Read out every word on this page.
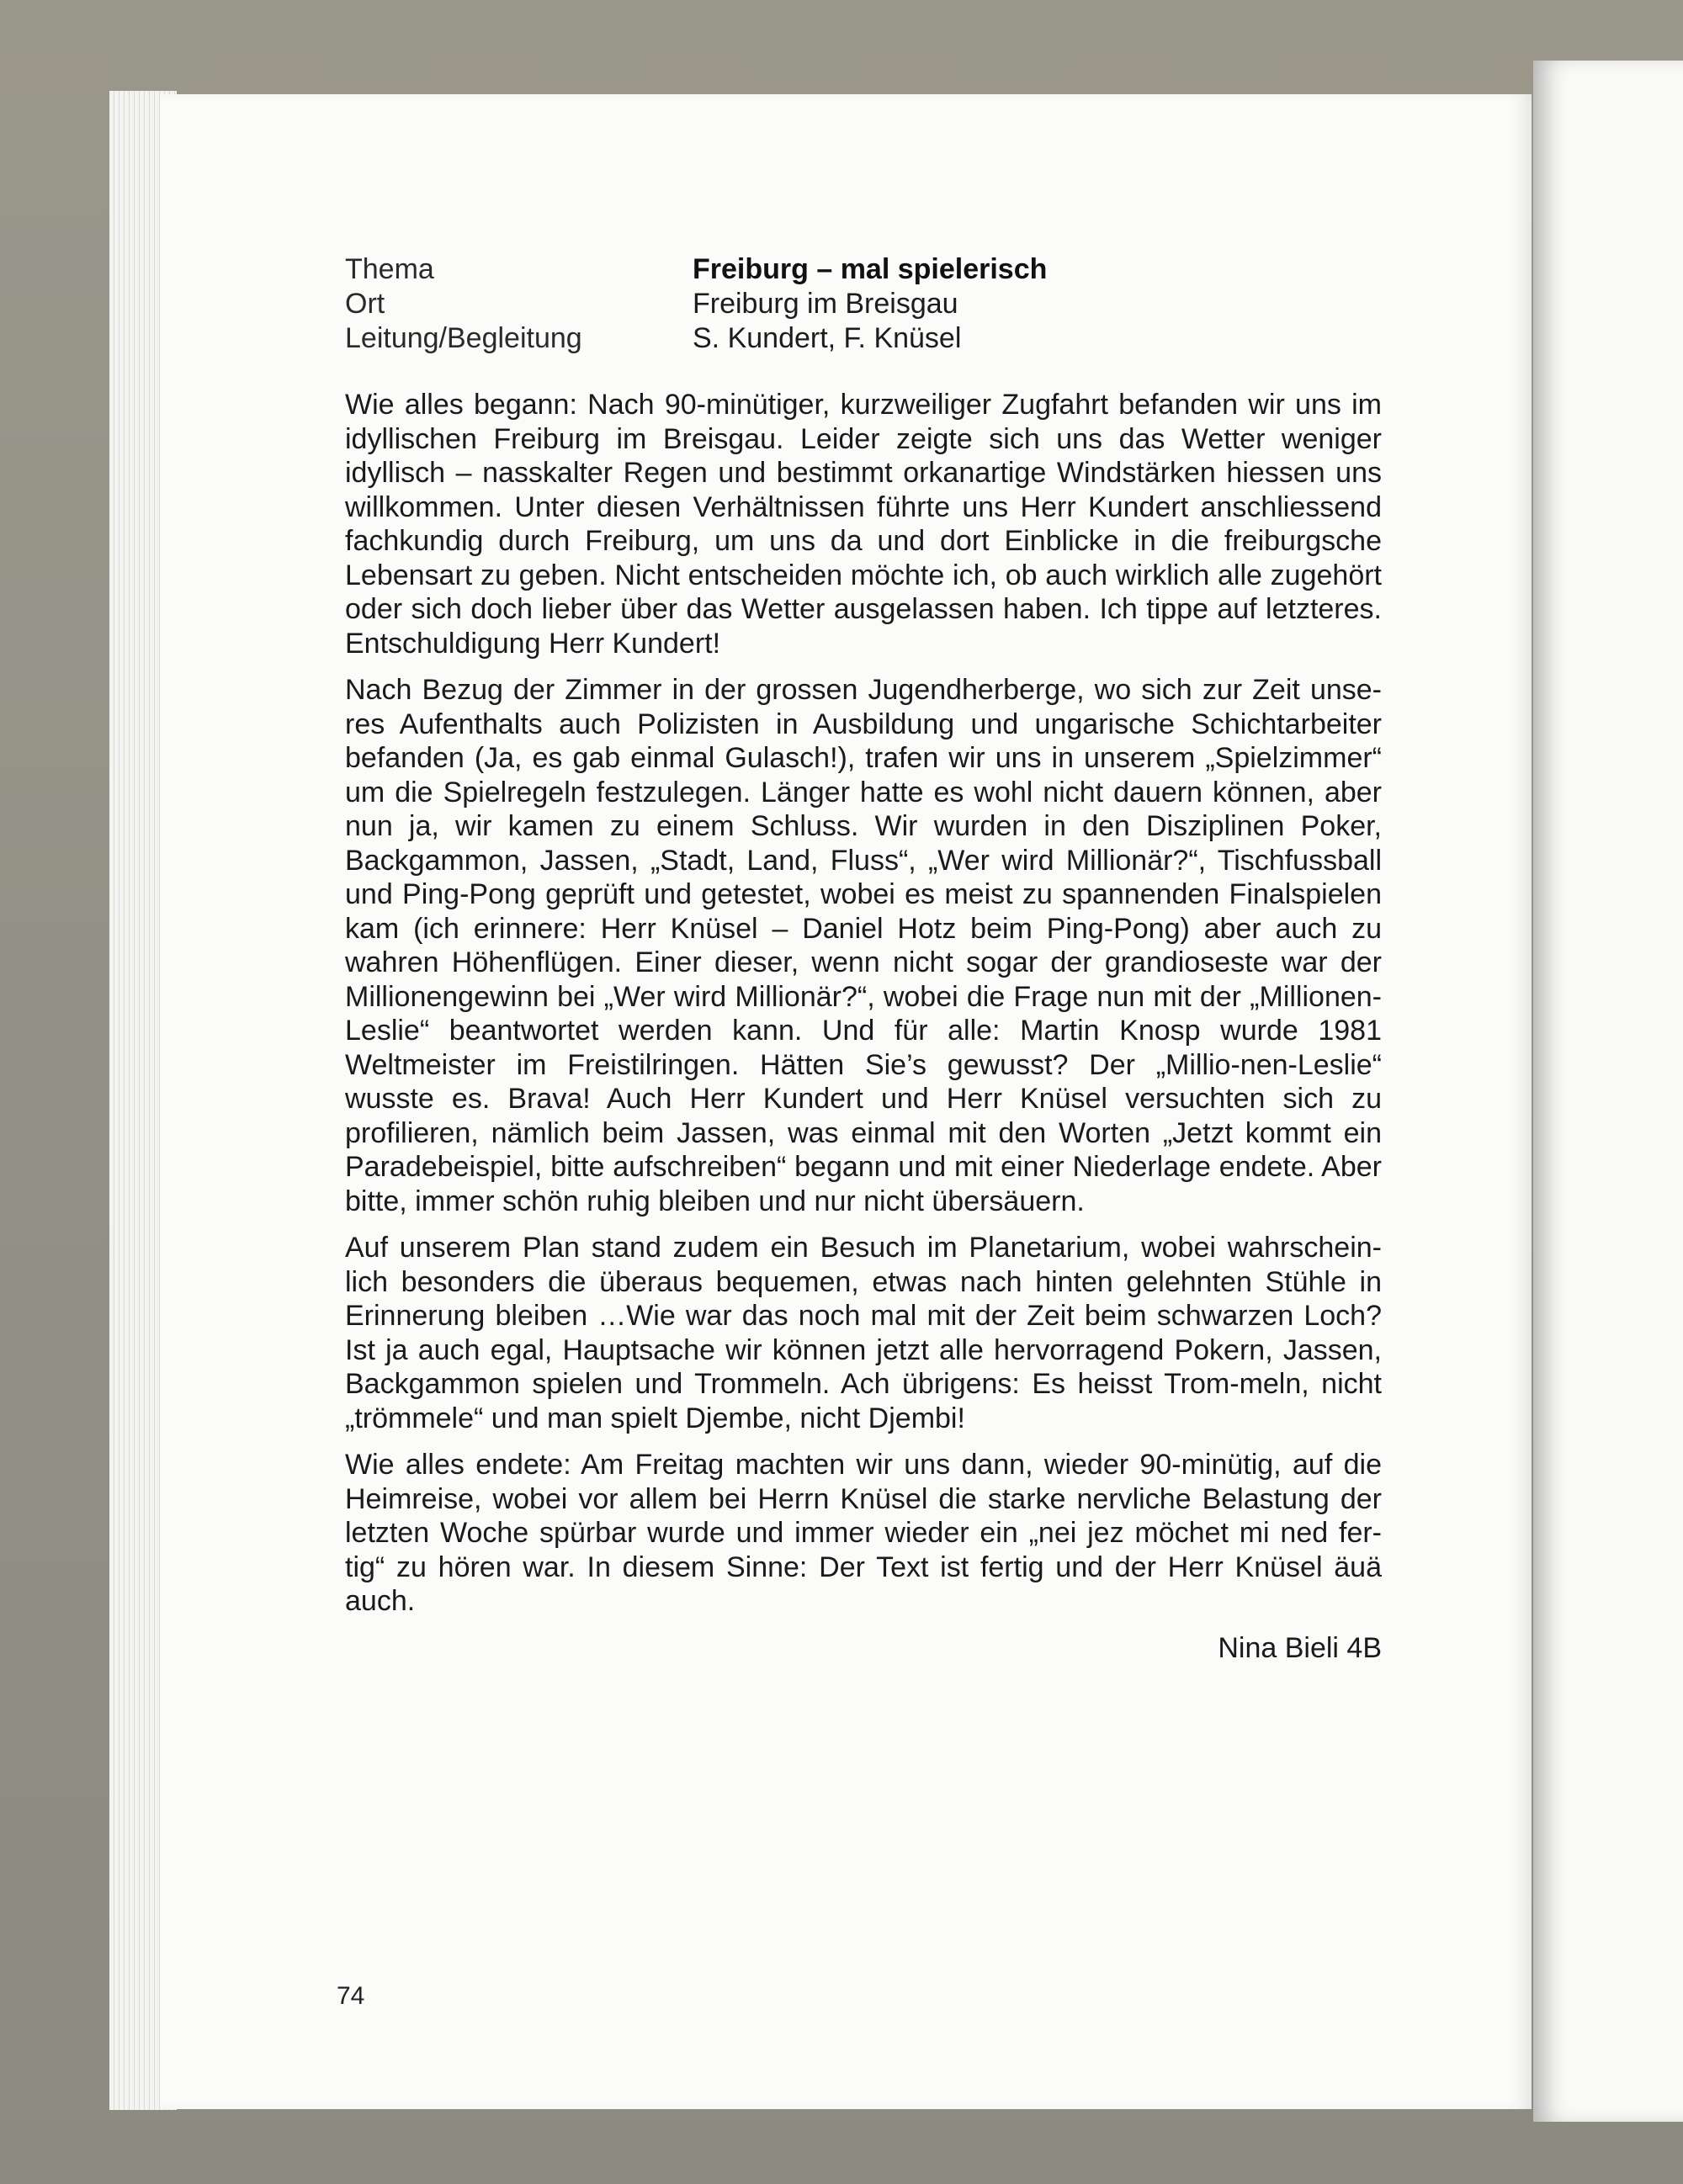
Thema	Freiburg – mal spielerisch
Ort	Freiburg im Breisgau
Leitung/Begleitung	S. Kundert, F. Knüsel

Wie alles begann: Nach 90-minütiger, kurzweiliger Zugfahrt befanden wir uns im idyllischen Freiburg im Breisgau. Leider zeigte sich uns das Wetter weniger idyllisch – nasskalter Regen und bestimmt orkanartige Windstärken hiessen uns willkommen. Unter diesen Verhältnissen führte uns Herr Kundert anschliessend fachkundig durch Freiburg, um uns da und dort Einblicke in die freiburgsche Lebensart zu geben. Nicht entscheiden möchte ich, ob auch wirklich alle zugehört oder sich doch lieber über das Wetter ausgelassen haben. Ich tippe auf letzteres. Entschuldigung Herr Kundert!

Nach Bezug der Zimmer in der grossen Jugendherberge, wo sich zur Zeit unse-res Aufenthalts auch Polizisten in Ausbildung und ungarische Schichtarbeiter befanden (Ja, es gab einmal Gulasch!), trafen wir uns in unserem „Spielzimmer“ um die Spielregeln festzulegen. Länger hatte es wohl nicht dauern können, aber nun ja, wir kamen zu einem Schluss. Wir wurden in den Disziplinen Poker, Backgammon, Jassen, „Stadt, Land, Fluss“, „Wer wird Millionär?“, Tischfussball und Ping-Pong geprüft und getestet, wobei es meist zu spannenden Finalspielen kam (ich erinnere: Herr Knüsel – Daniel Hotz beim Ping-Pong) aber auch zu wahren Höhenflügen. Einer dieser, wenn nicht sogar der grandioseste war der Millionengewinn bei „Wer wird Millionär?“, wobei die Frage nun mit der „Millionen-Leslie“ beantwortet werden kann. Und für alle: Martin Knosp wurde 1981 Weltmeister im Freistilringen. Hätten Sie’s gewusst? Der „Millio-nen-Leslie“ wusste es. Brava! Auch Herr Kundert und Herr Knüsel versuchten sich zu profilieren, nämlich beim Jassen, was einmal mit den Worten „Jetzt kommt ein Paradebeispiel, bitte aufschreiben“ begann und mit einer Niederlage endete. Aber bitte, immer schön ruhig bleiben und nur nicht übersäuern.

Auf unserem Plan stand zudem ein Besuch im Planetarium, wobei wahrschein-lich besonders die überaus bequemen, etwas nach hinten gelehnten Stühle in Erinnerung bleiben …Wie war das noch mal mit der Zeit beim schwarzen Loch? Ist ja auch egal, Hauptsache wir können jetzt alle hervorragend Pokern, Jassen, Backgammon spielen und Trommeln. Ach übrigens: Es heisst Trom-meln, nicht „trömmele“ und man spielt Djembe, nicht Djembi!

Wie alles endete: Am Freitag machten wir uns dann, wieder 90-minütig, auf die Heimreise, wobei vor allem bei Herrn Knüsel die starke nervliche Belastung der letzten Woche spürbar wurde und immer wieder ein „nei jez möchet mi ned fer-tig“ zu hören war. In diesem Sinne: Der Text ist fertig und der Herr Knüsel äuä auch.

Nina Bieli 4B
74
